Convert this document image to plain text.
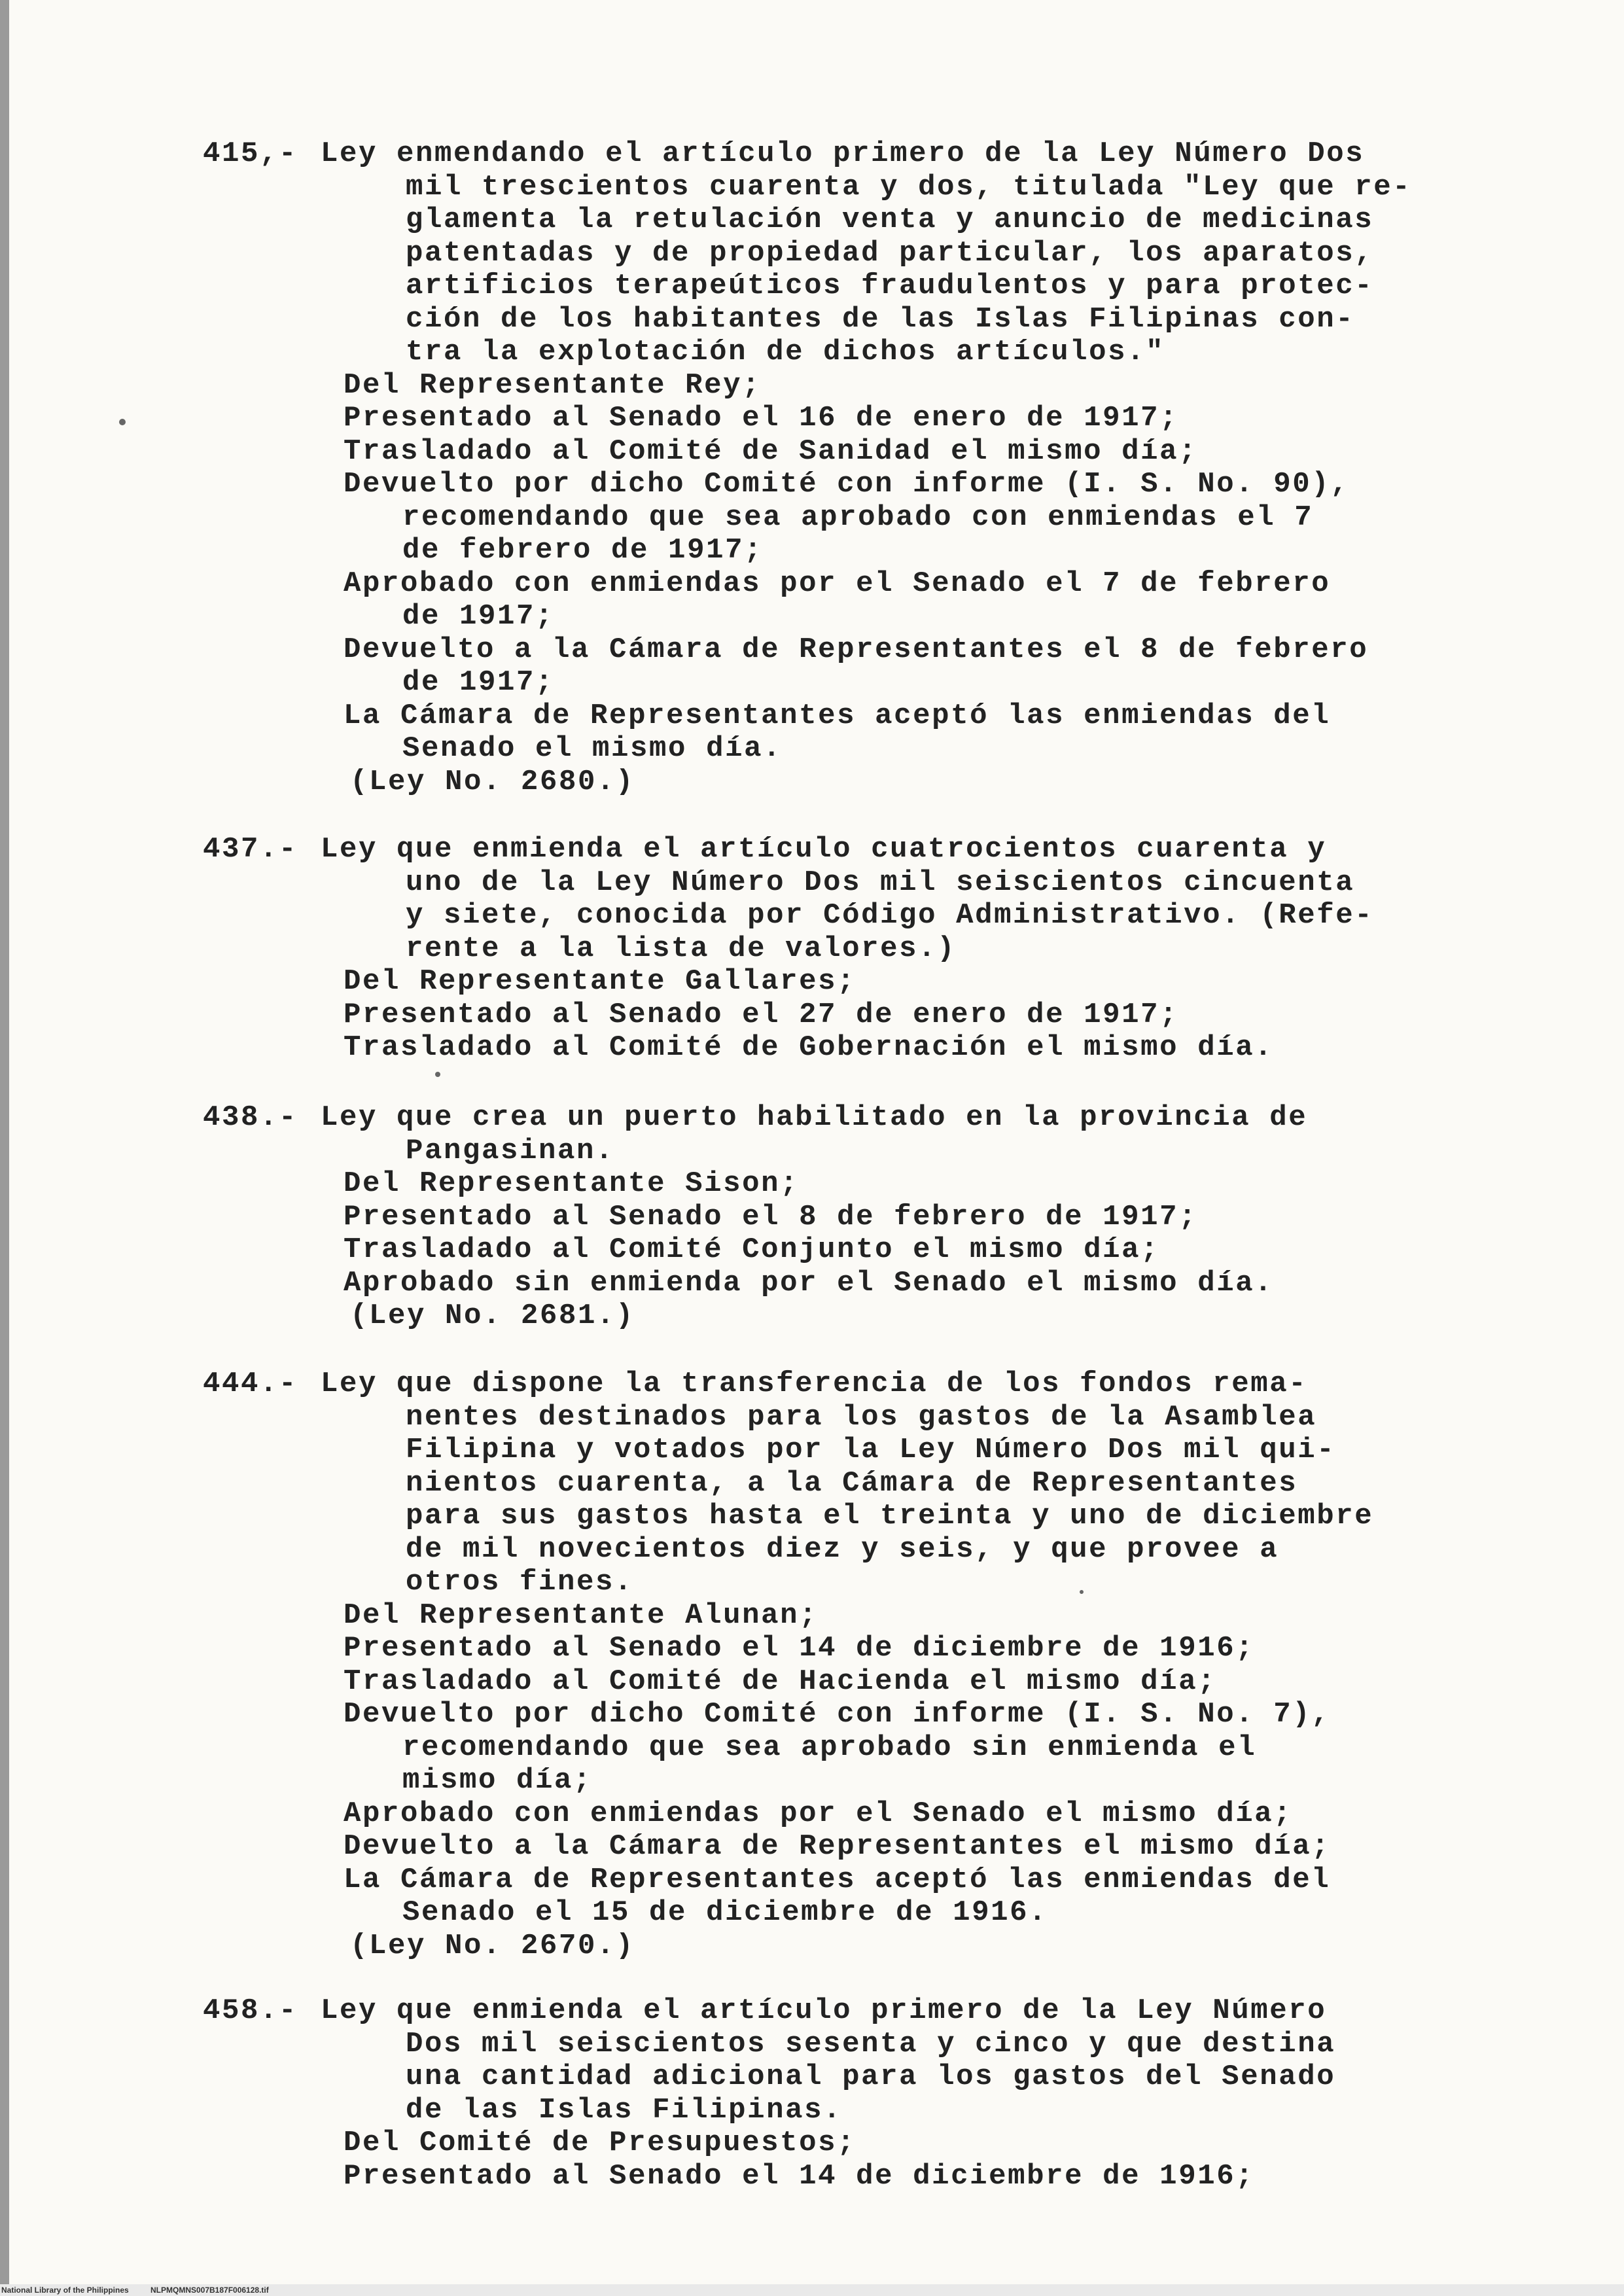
415,- Ley enmendando el artículo primero de la Ley Número Dos
mil trescientos cuarenta y dos, titulada "Ley que re-
glamenta la retulación venta y anuncio de medicinas
patentadas y de propiedad particular, los aparatos,
artificios terapeúticos fraudulentos y para protec-
ción de los habitantes de las Islas Filipinas con-
tra la explotación de dichos artículos."
Del Representante Rey;
Presentado al Senado el 16 de enero de 1917;
Trasladado al Comité de Sanidad el mismo día;
Devuelto por dicho Comité con informe (I. S. No. 90),
recomendando que sea aprobado con enmiendas el 7
de febrero de 1917;
Aprobado con enmiendas por el Senado el 7 de febrero
de 1917;
Devuelto a la Cámara de Representantes el 8 de febrero
de 1917;
La Cámara de Representantes aceptó las enmiendas del
Senado el mismo día.
(Ley No. 2680.)
437.- Ley que enmienda el artículo cuatrocientos cuarenta y
uno de la Ley Número Dos mil seiscientos cincuenta
y siete, conocida por Código Administrativo. (Refe-
rente a la lista de valores.)
Del Representante Gallares;
Presentado al Senado el 27 de enero de 1917;
Trasladado al Comité de Gobernación el mismo día.
438.- Ley que crea un puerto habilitado en la provincia de
Pangasinan.
Del Representante Sison;
Presentado al Senado el 8 de febrero de 1917;
Trasladado al Comité Conjunto el mismo día;
Aprobado sin enmienda por el Senado el mismo día.
(Ley No. 2681.)
444.- Ley que dispone la transferencia de los fondos rema-
nentes destinados para los gastos de la Asamblea
Filipina y votados por la Ley Número Dos mil qui-
nientos cuarenta, a la Cámara de Representantes
para sus gastos hasta el treinta y uno de diciembre
de mil novecientos diez y seis, y que provee a
otros fines.
Del Representante Alunan;
Presentado al Senado el 14 de diciembre de 1916;
Trasladado al Comité de Hacienda el mismo día;
Devuelto por dicho Comité con informe (I. S. No. 7),
recomendando que sea aprobado sin enmienda el
mismo día;
Aprobado con enmiendas por el Senado el mismo día;
Devuelto a la Cámara de Representantes el mismo día;
La Cámara de Representantes aceptó las enmiendas del
Senado el 15 de diciembre de 1916.
(Ley No. 2670.)
458.- Ley que enmienda el artículo primero de la Ley Número
Dos mil seiscientos sesenta y cinco y que destina
una cantidad adicional para los gastos del Senado
de las Islas Filipinas.
Del Comité de Presupuestos;
Presentado al Senado el 14 de diciembre de 1916;
National Library of the Philippines	NLPMQMNS007B187F006128.tif
